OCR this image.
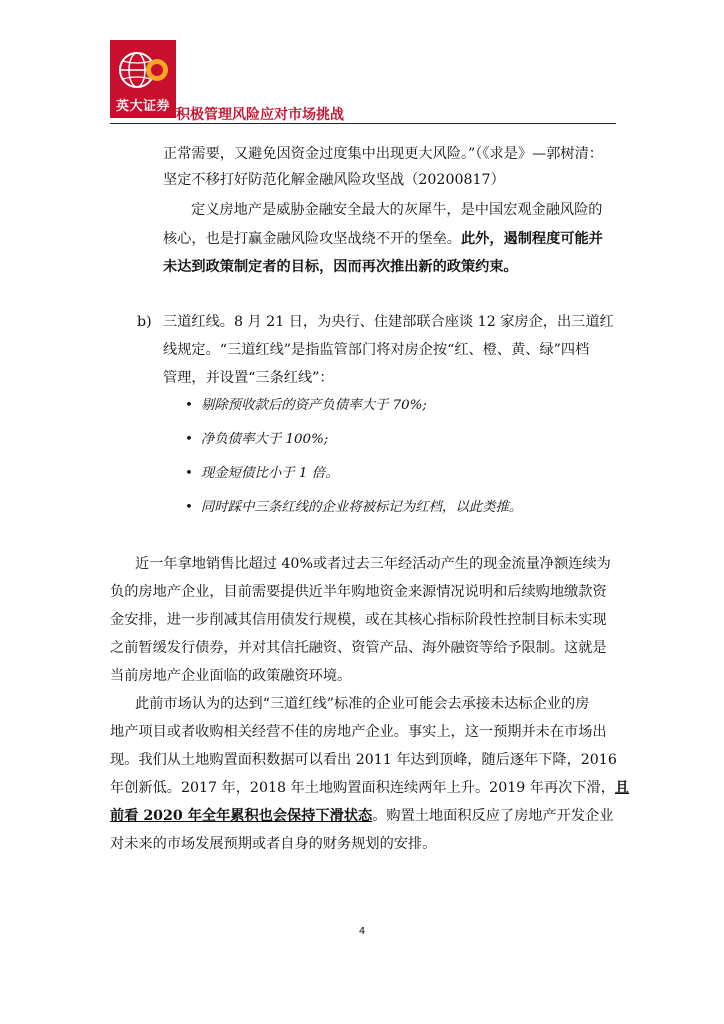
英大证券
积极管理风险应对市场挑战

正常需要，又避免因资金过度集中出现更大风险。”（《求是》—郭树清：

坚定不移打好防范化解金融风险攻坚战（20200817）

定义房地产是威胁金融安全最大的灰犀牛，是中国宏观金融风险的

核心，也是打赢金融风险攻坚战绕不开的堡垒。此外，遏制程度可能并

未达到政策制定者的目标，因而再次推出新的政策约束。

b) 三道红线。8 月 21 日，为央行、住建部联合座谈 12 家房企，出三道红

线规定。“三道红线”是指监管部门将对房企按“红、橙、黄、绿”四档

管理，并设置“三条红线”：

• 剔除预收款后的资产负债率大于 70%;
• 净负债率大于 100%;
• 现金短债比小于 1 倍。
• 同时踩中三条红线的企业将被标记为红档，以此类推。

近一年拿地销售比超过 40%或者过去三年经活动产生的现金流量净额连续为

负的房地产企业，目前需要提供近半年购地资金来源情况说明和后续购地缴款资

金安排，进一步削减其信用债发行规模，或在其核心指标阶段性控制目标未实现

之前暂缓发行债券，并对其信托融资、资管产品、海外融资等给予限制。这就是

当前房地产企业面临的政策融资环境。

此前市场认为的达到“三道红线”标准的企业可能会去承接未达标企业的房

地产项目或者收购相关经营不佳的房地产企业。事实上，这一预期并未在市场出

现。我们从土地购置面积数据可以看出 2011 年达到顶峰，随后逐年下降，2016

年创新低。2017 年，2018 年土地购置面积连续两年上升。2019 年再次下滑，且

前看 2020 年全年累积也会保持下滑状态。购置土地面积反应了房地产开发企业

对未来的市场发展预期或者自身的财务规划的安排。

4
